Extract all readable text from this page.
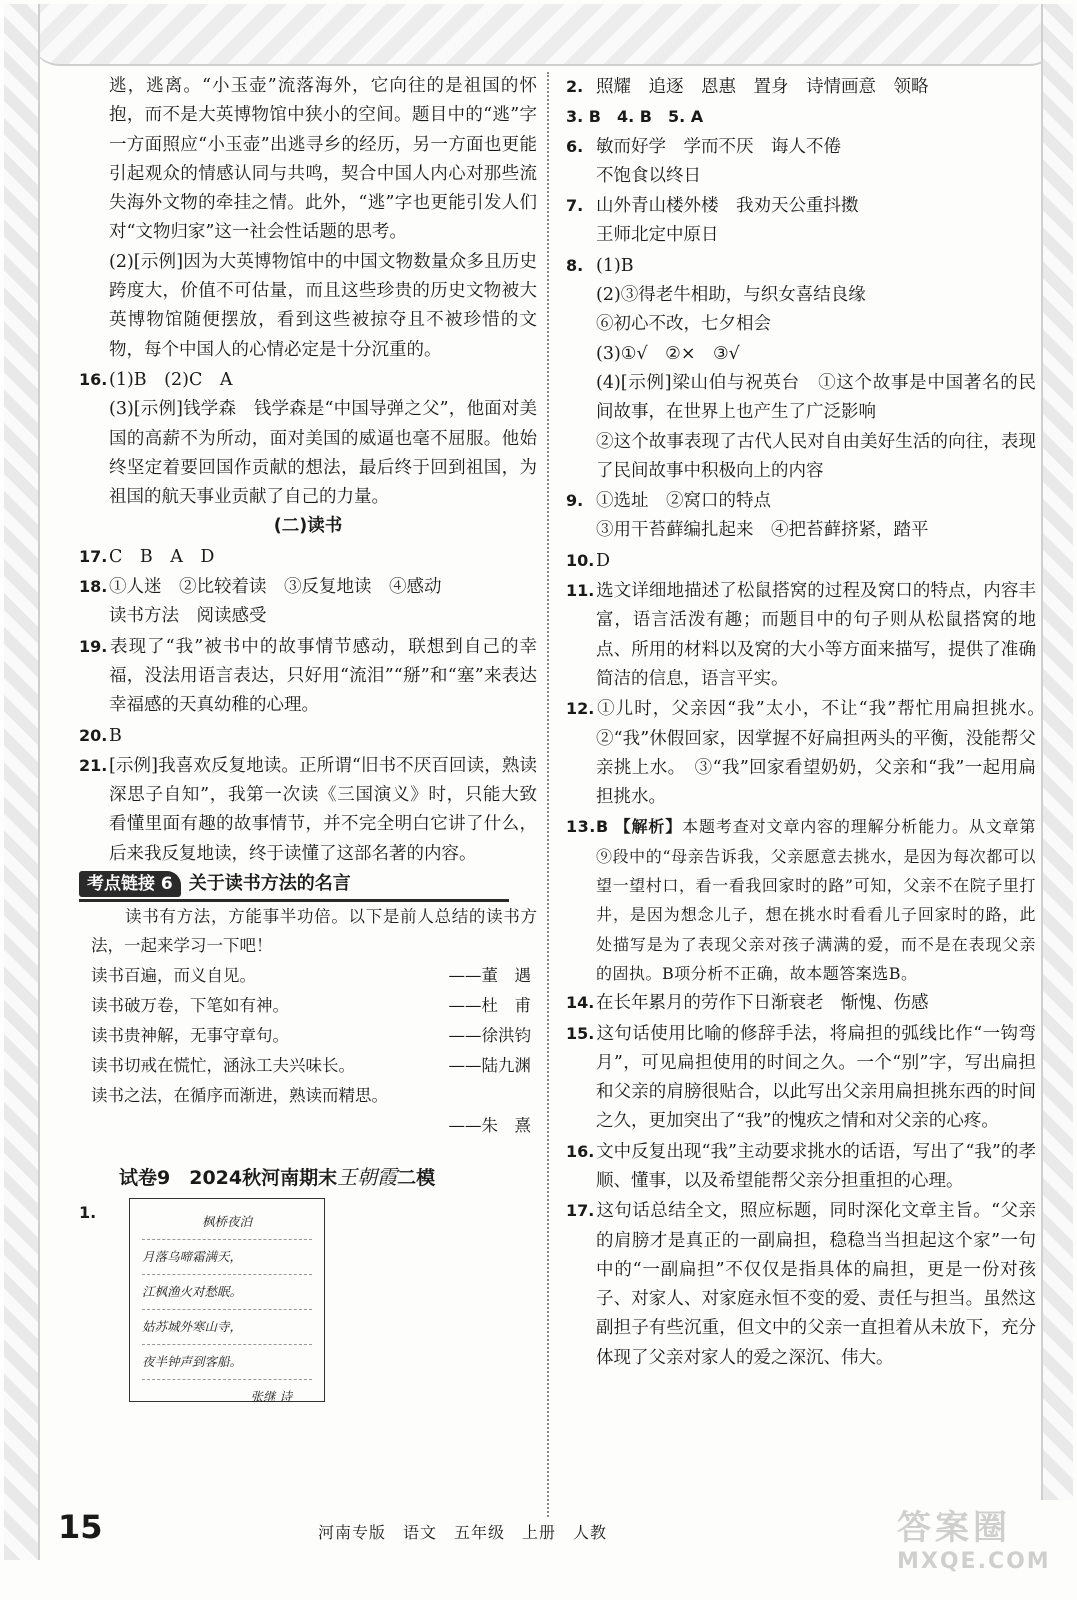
逃，逃离。“小玉壶”流落海外，它向往的是祖国的怀抱，而不是大英博物馆中狭小的空间。题目中的“逃”字一方面照应“小玉壶”出逃寻乡的经历，另一方面也更能引起观众的情感认同与共鸣，契合中国人内心对那些流失海外文物的牵挂之情。此外，“逃”字也更能引发人们对“文物归家”这一社会性话题的思考。

(2)[示例]因为大英博物馆中的中国文物数量众多且历史跨度大，价值不可估量，而且这些珍贵的历史文物被大英博物馆随便摆放，看到这些被掠夺且不被珍惜的文物，每个中国人的心情必定是十分沉重的。

16.(1)B　(2)C　A

(3)[示例]钱学森　钱学森是“中国导弹之父”，他面对美国的高薪不为所动，面对美国的威逼也毫不屈服。他始终坚定着要回国作贡献的想法，最后终于回到祖国，为祖国的航天事业贡献了自己的力量。

(二)读书
17.C　B　A　D
18.①人迷　②比较着读　③反复地读　④感动

读书方法　阅读感受

19.表现了“我”被书中的故事情节感动，联想到自己的幸福，没法用语言表达，只好用“流泪”“掰”和“塞”来表达幸福感的天真幼稚的心理。
20.B
21.[示例]我喜欢反复地读。正所谓“旧书不厌百回读，熟读深思子自知”，我第一次读《三国演义》时，只能大致看懂里面有趣的故事情节，并不完全明白它讲了什么，后来我反复地读，终于读懂了这部名著的内容。
考点链接 6 关于读书方法的名言

读书有方法，方能事半功倍。以下是前人总结的读书方法，一起来学习一下吧！

读书百遍，而义自见。	——董　遇
读书破万卷，下笔如有神。	——杜　甫
读书贵神解，无事守章句。	——徐洪钧
读书切戒在慌忙，涵泳工夫兴味长。	——陆九渊
读书之法，在循序而渐进，熟读而精思。
——朱　熹
试卷9　2024秋河南期末王朝霞二模
1.	枫桥夜泊
月落乌啼霜满天，
江枫渔火对愁眠。
姑苏城外寒山寺，
夜半钟声到客船。
张继 诗
2. 照耀　追逐　恩惠　置身　诗情画意　领略
3. B　4. B　5. A
6. 敏而好学　学而不厌　诲人不倦

不饱食以终日

7. 山外青山楼外楼　我劝天公重抖擞

王师北定中原日

8. (1)B

(2)③得老牛相助，与织女喜结良缘

⑥初心不改，七夕相会

(3)①√　②×　③√

(4)[示例]梁山伯与祝英台　①这个故事是中国著名的民间故事，在世界上也产生了广泛影响

②这个故事表现了古代人民对自由美好生活的向往，表现了民间故事中积极向上的内容

9. ①选址　②窝口的特点

③用干苔藓编扎起来　④把苔藓挤紧，踏平

10.D
11.选文详细地描述了松鼠搭窝的过程及窝口的特点，内容丰富，语言活泼有趣；而题目中的句子则从松鼠搭窝的地点、所用的材料以及窝的大小等方面来描写，提供了准确简洁的信息，语言平实。
12.①儿时，父亲因“我”太小，不让“我”帮忙用扁担挑水。　②“我”休假回家，因掌握不好扁担两头的平衡，没能帮父亲挑上水。　③“我”回家看望奶奶，父亲和“我”一起用扁担挑水。
13.B 【解析】本题考查对文章内容的理解分析能力。从文章第⑨段中的“母亲告诉我，父亲愿意去挑水，是因为每次都可以望一望村口，看一看我回家时的路”可知，父亲不在院子里打井，是因为想念儿子，想在挑水时看看儿子回家时的路，此处描写是为了表现父亲对孩子满满的爱，而不是在表现父亲的固执。B项分析不正确，故本题答案选B。
14.在长年累月的劳作下日渐衰老　惭愧、伤感
15.这句话使用比喻的修辞手法，将扁担的弧线比作“一钩弯月”，可见扁担使用的时间之久。一个“别”字，写出扁担和父亲的肩膀很贴合，以此写出父亲用扁担挑东西的时间之久，更加突出了“我”的愧疚之情和对父亲的心疼。
16.文中反复出现“我”主动要求挑水的话语，写出了“我”的孝顺、懂事，以及希望能帮父亲分担重担的心理。
17.这句话总结全文，照应标题，同时深化文章主旨。“父亲的肩膀才是真正的一副扁担，稳稳当当担起这个家”一句中的“一副扁担”不仅仅是指具体的扁担，更是一份对孩子、对家人、对家庭永恒不变的爱、责任与担当。虽然这副担子有些沉重，但文中的父亲一直担着从未放下，充分体现了父亲对家人的爱之深沉、伟大。
15	河南专版　语文　五年级　上册　人教	答案圈
MXQE.COM
